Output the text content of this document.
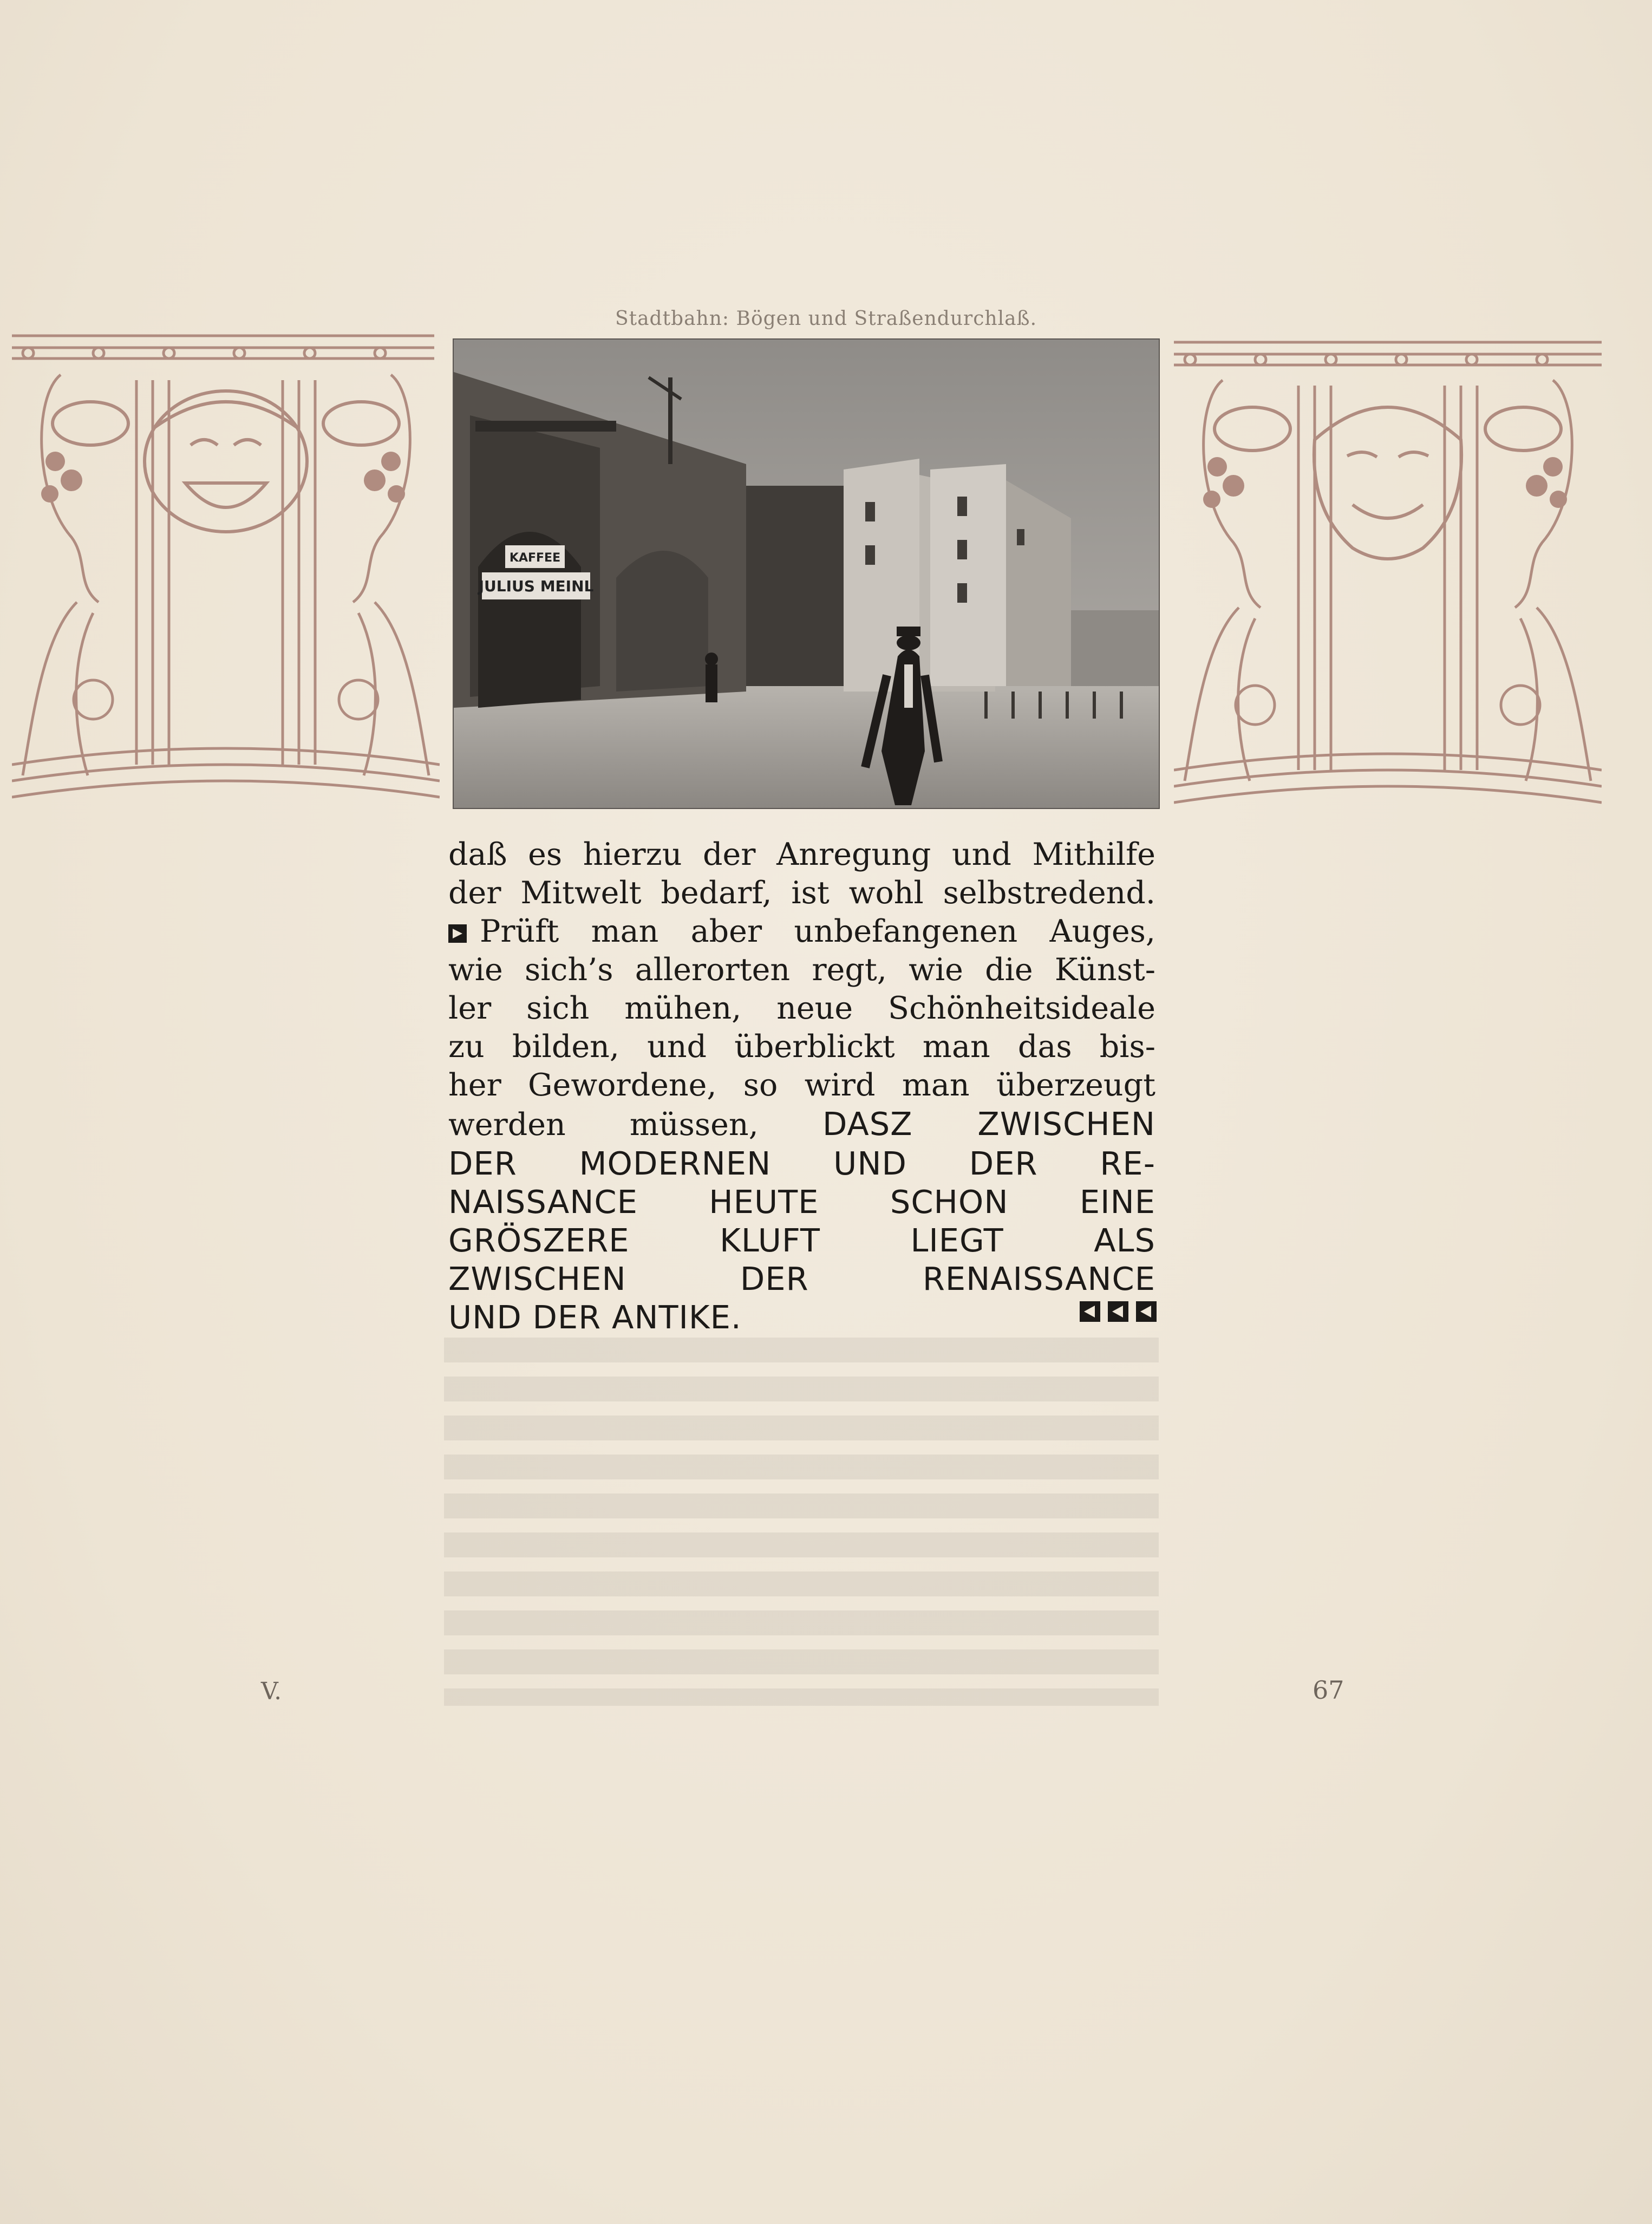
Stadtbahn: Bögen und Straßendurchlaß.
KAFFEE
JULIUS MEINL
daß es hierzu der Anregung und Mithilfe
der Mitwelt bedarf, ist wohl selbstredend.
Prüft man aber unbefangenen Auges,
wie sich’s allerorten regt, wie die Künst-
ler sich mühen, neue Schönheitsideale
zu bilden, und überblickt man das bis-
her Gewordene, so wird man überzeugt
werden müssen, DASZ ZWISCHEN
DER MODERNEN UND DER RE-
NAISSANCE HEUTE SCHON EINE
GRÖSZERE KLUFT LIEGT ALS
ZWISCHEN DER RENAISSANCE
UND DER ANTIKE.
V.	67
